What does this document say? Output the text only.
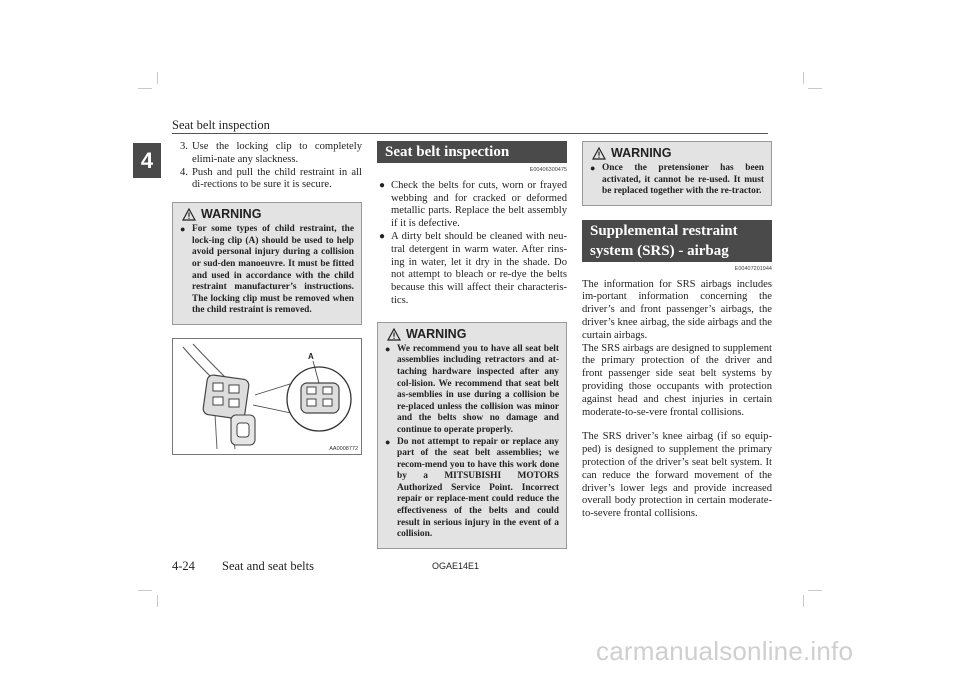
Seat belt inspection
4
3. Use the locking clip to completely elimi-nate any slackness.
4. Push and pull the child restraint in all di-rections to be sure it is secure.
WARNING
● For some types of child restraint, the lock-ing clip (A) should be used to help avoid personal injury during a collision or sud-den manoeuvre. It must be fitted and used in accordance with the child restraint manufacturer’s instructions. The locking clip must be removed when the child restraint is removed.
A
AA0008772
Seat belt inspection
E00406300475
● Check the belts for cuts, worn or frayed webbing and for cracked or deformed metallic parts. Replace the belt assembly if it is defective.
● A dirty belt should be cleaned with neu-tral detergent in warm water. After rins-ing in water, let it dry in the shade. Do not attempt to bleach or re-dye the belts because this will affect their characteris-tics.
WARNING
● We recommend you to have all seat belt assemblies including retractors and at-taching hardware inspected after any col-lision. We recommend that seat belt as-semblies in use during a collision be re-placed unless the collision was minor and the belts show no damage and continue to operate properly.
● Do not attempt to repair or replace any part of the seat belt assemblies; we recom-mend you to have this work done by a MITSUBISHI MOTORS Authorized Service Point. Incorrect repair or replace-ment could reduce the effectiveness of the belts and could result in serious injury in the event of a collision.
WARNING
● Once the pretensioner has been activated, it cannot be re-used. It must be replaced together with the re-tractor.
Supplemental restraint
system (SRS) - airbag
E00407201944

The information for SRS airbags includes im-portant information concerning the driver’s and front passenger’s airbags, the driver’s knee airbag, the side airbags and the curtain airbags.

The SRS airbags are designed to supplement the primary protection of the driver and front passenger side seat belt systems by providing those occupants with protection against head and chest injuries in certain moderate-to-se-vere frontal collisions.

The SRS driver’s knee airbag (if so equip-ped) is designed to supplement the primary protection of the driver’s seat belt system. It can reduce the forward movement of the driver’s lower legs and provide increased overall body protection in certain moderate-to-severe frontal collisions.

4-24 Seat and seat belts	OGAE14E1
carmanualsonline.info
